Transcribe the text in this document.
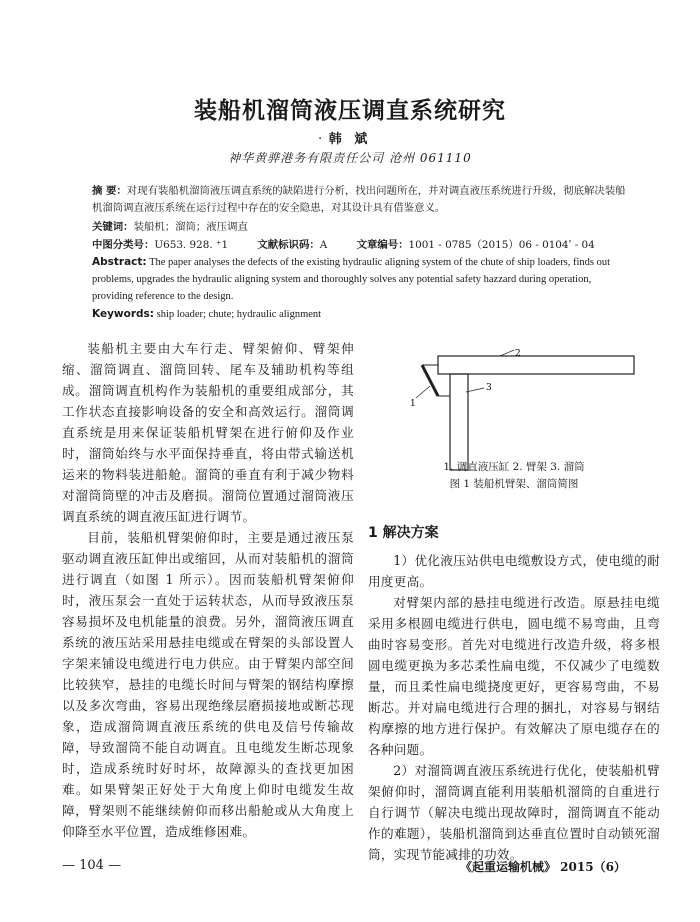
装船机溜筒液压调直系统研究
. 韩 斌
神华黄骅港务有限责任公司 沧州 061110
摘 要：对现有装船机溜筒液压调直系统的缺陷进行分析，找出问题所在，并对调直液压系统进行升级，彻底解决装船机溜筒调直液压系统在运行过程中存在的安全隐患，对其设计具有借鉴意义。
关键词：装船机；溜筒；液压调直
中图分类号：U653. 928. ⁺1	文献标识码：A	文章编号：1001 - 0785（2015）06 - 0104ʹ - 04
Abstract: The paper analyses the defects of the existing hydraulic aligning system of the chute of ship loaders, finds out problems, upgrades the hydraulic aligning system and thoroughly solves any potential safety hazzard during operation, providing reference to the design.
Keywords: ship loader; chute; hydraulic alignment

装船机主要由大车行走、臂架俯仰、臂架伸缩、溜筒调直、溜筒回转、尾车及辅助机构等组成。溜筒调直机构作为装船机的重要组成部分，其工作状态直接影响设备的安全和高效运行。溜筒调直系统是用来保证装船机臂架在进行俯仰及作业时，溜筒始终与水平面保持垂直，将由带式输送机运来的物料装进船舱。溜筒的垂直有利于减少物料对溜筒筒壁的冲击及磨损。溜筒位置通过溜筒液压调直系统的调直液压缸进行调节。

目前，装船机臂架俯仰时，主要是通过液压泵驱动调直液压缸伸出或缩回，从而对装船机的溜筒进行调直（如图 1 所示）。因而装船机臂架俯仰时，液压泵会一直处于运转状态，从而导致液压泵容易损坏及电机能量的浪费。另外，溜筒液压调直系统的液压站采用悬挂电缆或在臂架的头部设置人字架来铺设电缆进行电力供应。由于臂架内部空间比较狭窄，悬挂的电缆长时间与臂架的钢结构摩擦以及多次弯曲，容易出现绝缘层磨损接地或断芯现象，造成溜筒调直液压系统的供电及信号传输故障，导致溜筒不能自动调直。且电缆发生断芯现象时，造成系统时好时坏，故障源头的查找更加困难。如果臂架正好处于大角度上仰时电缆发生故障，臂架则不能继续俯仰而移出船舱或从大角度上仰降至水平位置，造成维修困难。

1
2
3
1. 调直液压缸 2. 臂架 3. 溜筒
图 1 装船机臂架、溜筒简图
1 解决方案

1）优化液压站供电电缆敷设方式，使电缆的耐用度更高。

对臂架内部的悬挂电缆进行改造。原悬挂电缆采用多根圆电缆进行供电，圆电缆不易弯曲，且弯曲时容易变形。首先对电缆进行改造升级，将多根圆电缆更换为多芯柔性扁电缆，不仅减少了电缆数量，而且柔性扁电缆挠度更好，更容易弯曲，不易断芯。并对扁电缆进行合理的捆扎，对容易与钢结构摩擦的地方进行保护。有效解决了原电缆存在的各种问题。

2）对溜筒调直液压系统进行优化，使装船机臂架俯仰时，溜筒调直能利用装船机溜筒的自重进行自行调节（解决电缆出现故障时，溜筒调直不能动作的难题），装船机溜筒到达垂直位置时自动锁死溜筒，实现节能减排的功效。

— 104 —	《起重运输机械》 2015（6）
